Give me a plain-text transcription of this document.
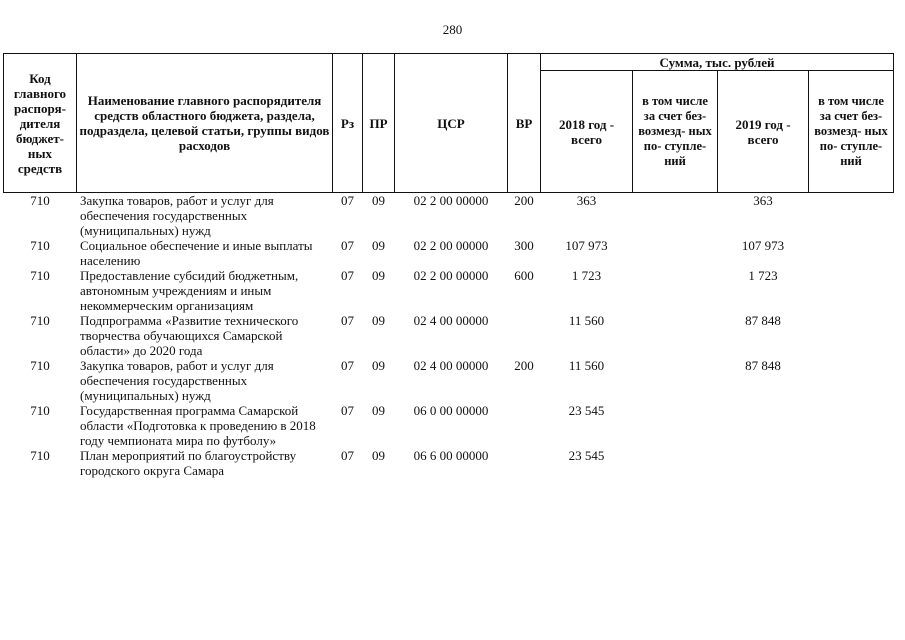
280
Код главного распоря- дителя бюджет- ных средств	Наименование главного распорядителя средств областного бюджета, раздела, подраздела, целевой статьи, группы видов расходов	Рз	ПР	ЦСР	ВР	Сумма, тыс. рублей			
						2018 год - всего	в том числе за счет без- возмезд- ных по- ступле- ний	2019 год - всего	в том числе за счет без- возмезд- ных по- ступле- ний
710	Закупка товаров, работ и услуг для обеспечения государственных (муниципальных) нужд	07	09	02 2 00 00000	200	363		363	
710	Социальное обеспечение и иные выплаты населению	07	09	02 2 00 00000	300	107 973		107 973	
710	Предоставление субсидий бюджетным, автономным учреждениям и иным некоммерческим организациям	07	09	02 2 00 00000	600	1 723		1 723	
710	Подпрограмма «Развитие технического творчества обучающихся Самарской области» до 2020 года	07	09	02 4 00 00000		11 560		87 848	
710	Закупка товаров, работ и услуг для обеспечения государственных (муниципальных) нужд	07	09	02 4 00 00000	200	11 560		87 848	
710	Государственная программа Самарской области «Подготовка к проведению в 2018 году чемпионата мира по футболу»	07	09	06 0 00 00000		23 545			
710	План мероприятий по благоустройству городского округа Самара	07	09	06 6 00 00000		23 545			
